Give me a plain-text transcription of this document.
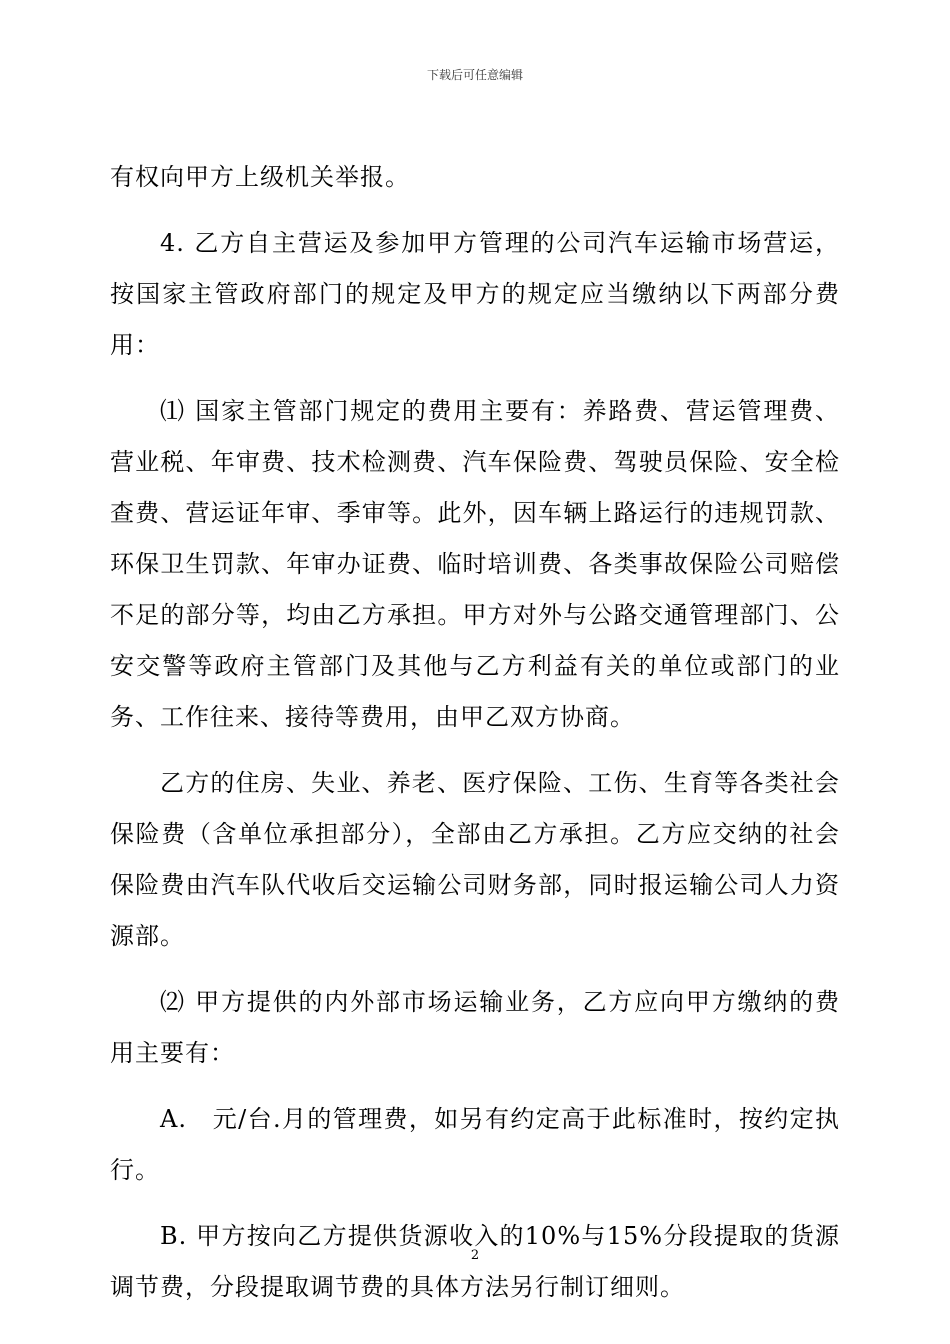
下载后可任意编辑

有权向甲方上级机关举报。

4. 乙方自主营运及参加甲方管理的公司汽车运输市场营运，按国家主管政府部门的规定及甲方的规定应当缴纳以下两部分费用：

⑴ 国家主管部门规定的费用主要有：养路费、营运管理费、营业税、年审费、技术检测费、汽车保险费、驾驶员保险、安全检查费、营运证年审、季审等。此外，因车辆上路运行的违规罚款、环保卫生罚款、年审办证费、临时培训费、各类事故保险公司赔偿不足的部分等，均由乙方承担。甲方对外与公路交通管理部门、公安交警等政府主管部门及其他与乙方利益有关的单位或部门的业务、工作往来、接待等费用，由甲乙双方协商。

乙方的住房、失业、养老、医疗保险、工伤、生育等各类社会保险费（含单位承担部分），全部由乙方承担。乙方应交纳的社会保险费由汽车队代收后交运输公司财务部，同时报运输公司人力资源部。

⑵ 甲方提供的内外部市场运输业务，乙方应向甲方缴纳的费用主要有：

A.　元/台.月的管理费，如另有约定高于此标准时，按约定执行。

B. 甲方按向乙方提供货源收入的10%与15%分段提取的货源调节费，分段提取调节费的具体方法另行制订细则。

2
